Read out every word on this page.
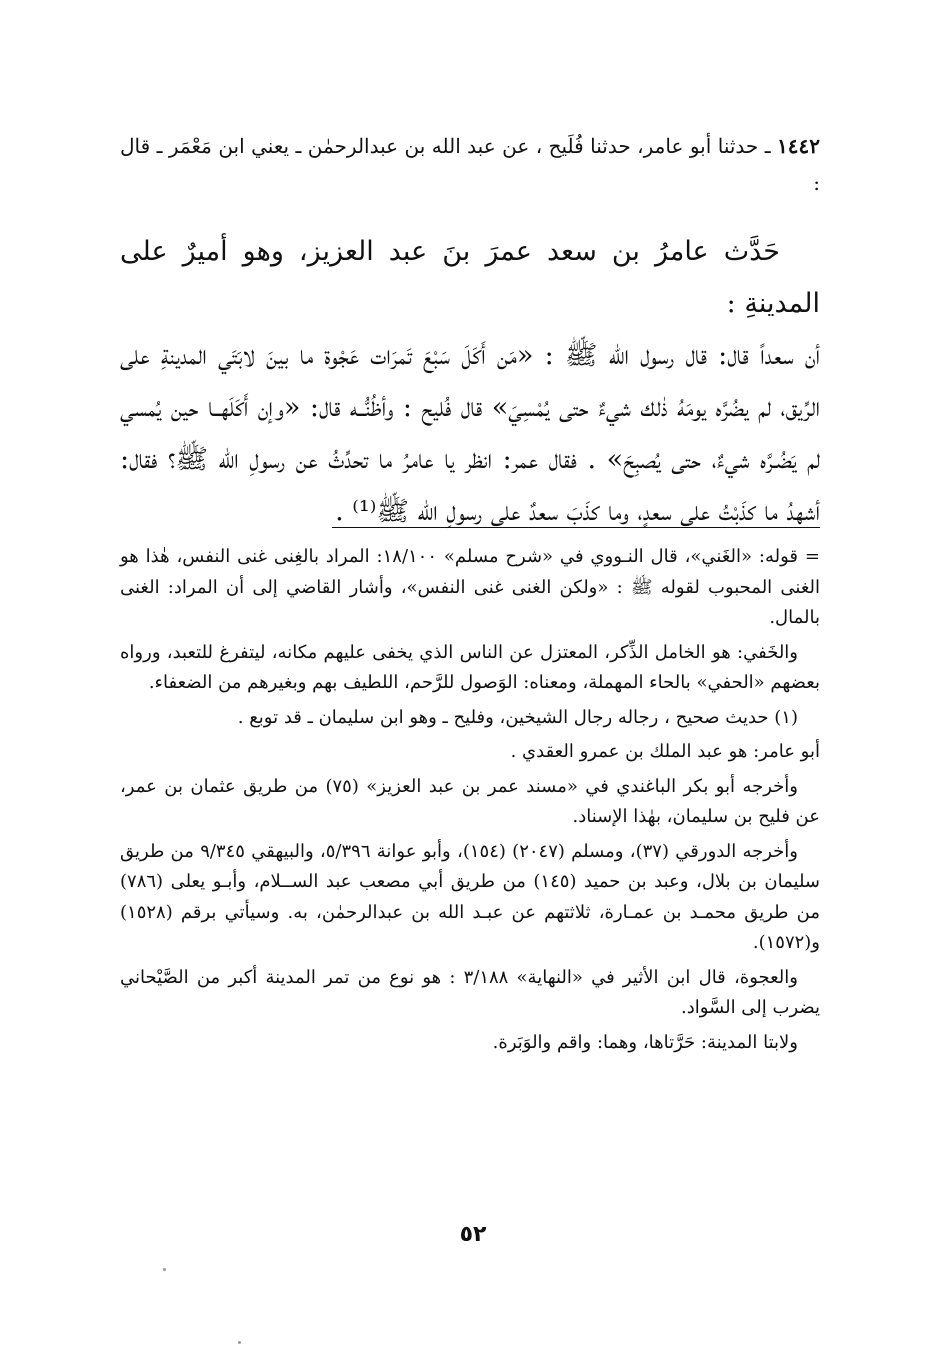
١٤٤٢ ـ حدثنا أبو عامر، حدثنا فُلَيح ، عن عبد الله بن عبدالرحمٰن ـ يعني ابن مَعْمَر ـ قال :

حَدَّث عامرُ بن سعد عمرَ بنَ عبد العزيز، وهو أميرٌ على المدينةِ :

أن سعداً قال: قال رسول الله ﷺ : «مَن أَكَلَ سَبْعَ تَمرَات عَجْوة ما بينَ لابَتَي المدينةِ على الرِّيق، لم يضُرَّه يومَهُ ذٰلك شيءٌ حتى يُمْسِيَ» قال فُليح : وأظُنُّــه قال: «وإن أَكَلَهــا حين يُمسي لم يَضُـرَّه شيءٌ، حتى يُصبِحَ» . فقال عمر: انظر يا عامرُ ما تحدِّثُ عن رسولِ الله ﷺ؟ فقال: أشهدُ ما كذَبْتُ على سعدٍ، وما كذَبَ سعدٌ على رسولِ الله ﷺ⁽¹⁾ .

= قوله: «الغَني»، قال النـووي في «شرح مسلم» ١٨/١٠٠: المراد بالغِنى غنى النفس، هٰذا هو الغنى المحبوب لقوله ﷺ : «ولكن الغنى غنى النفس»، وأشار القاضي إلى أن المراد: الغنى بالمال.

والخَفي: هو الخامل الذِّكر، المعتزل عن الناس الذي يخفى عليهم مكانه، ليتفرغ للتعبد، ورواه بعضهم «الحفي» بالحاء المهملة، ومعناه: الوَصول للرَّحم، اللطيف بهم وبغيرهم من الضعفاء.

(١) حديث صحيح ، رجاله رجال الشيخين، وفليح ـ وهو ابن سليمان ـ قد توبع .

أبو عامر: هو عبد الملك بن عمرو العقدي .

وأخرجه أبو بكر الباغندي في «مسند عمر بن عبد العزيز» (٧٥) من طريق عثمان بن عمر، عن فليح بن سليمان، بهٰذا الإسناد.

وأخرجه الدورقي (٣٧)، ومسلم (٢٠٤٧) (١٥٤)، وأبو عوانة ٥/٣٩٦، والبيهقي ٩/٣٤٥ من طريق سليمان بن بلال، وعبد بن حميد (١٤٥) من طريق أبي مصعب عبد الســلام، وأبـو يعلى (٧٨٦) من طريق محمـد بن عمـارة، ثلاثتهم عن عبـد الله بن عبدالرحمٰن، به. وسيأتي برقم (١٥٢٨) و(١٥٧٢).

والعجوة، قال ابن الأثير في «النهاية» ٣/١٨٨ : هو نوع من تمر المدينة أكبر من الصَّيْحاني يضرب إلى السَّواد.

ولابتا المدينة: حَرَّتاها، وهما: واقم والوَبَرة.

٥٢
